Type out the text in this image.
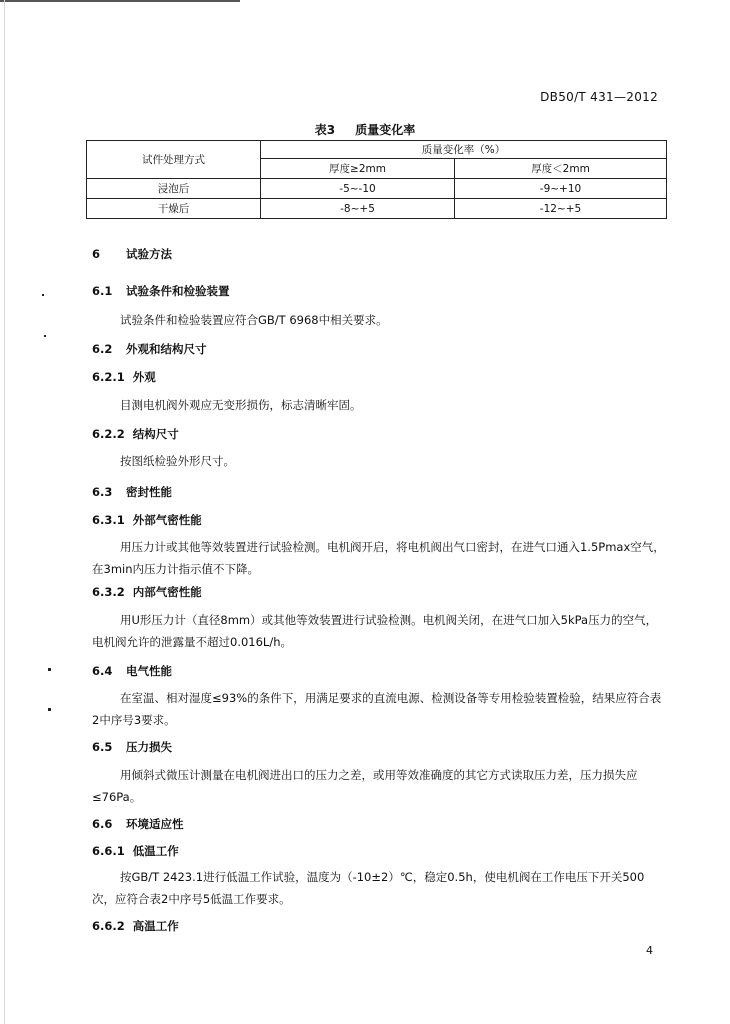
DB50/T 431—2012
表3 质量变化率
试件处理方式	质量变化率（%）	
	厚度≥2mm	厚度＜2mm
浸泡后	-5~-10	-9~+10
干燥后	-8~+5	-12~+5
6 试验方法
6.1 试验条件和检验装置
试验条件和检验装置应符合GB/T 6968中相关要求。
6.2 外观和结构尺寸
6.2.1 外观
目测电机阀外观应无变形损伤，标志清晰牢固。
6.2.2 结构尺寸
按图纸检验外形尺寸。
6.3 密封性能
6.3.1 外部气密性能
用压力计或其他等效装置进行试验检测。电机阀开启，将电机阀出气口密封，在进气口通入1.5Pmax空气，在3min内压力计指示值不下降。
6.3.2 内部气密性能
用U形压力计（直径8mm）或其他等效装置进行试验检测。电机阀关闭，在进气口加入5kPa压力的空气，电机阀允许的泄露量不超过0.016L/h。
6.4 电气性能
在室温、相对湿度≤93%的条件下，用满足要求的直流电源、检测设备等专用检验装置检验，结果应符合表2中序号3要求。
6.5 压力损失
用倾斜式微压计测量在电机阀进出口的压力之差，或用等效准确度的其它方式读取压力差，压力损失应≤76Pa。
6.6 环境适应性
6.6.1 低温工作
按GB/T 2423.1进行低温工作试验，温度为（-10±2）℃，稳定0.5h，使电机阀在工作电压下开关500次，应符合表2中序号5低温工作要求。
6.6.2 高温工作
4
